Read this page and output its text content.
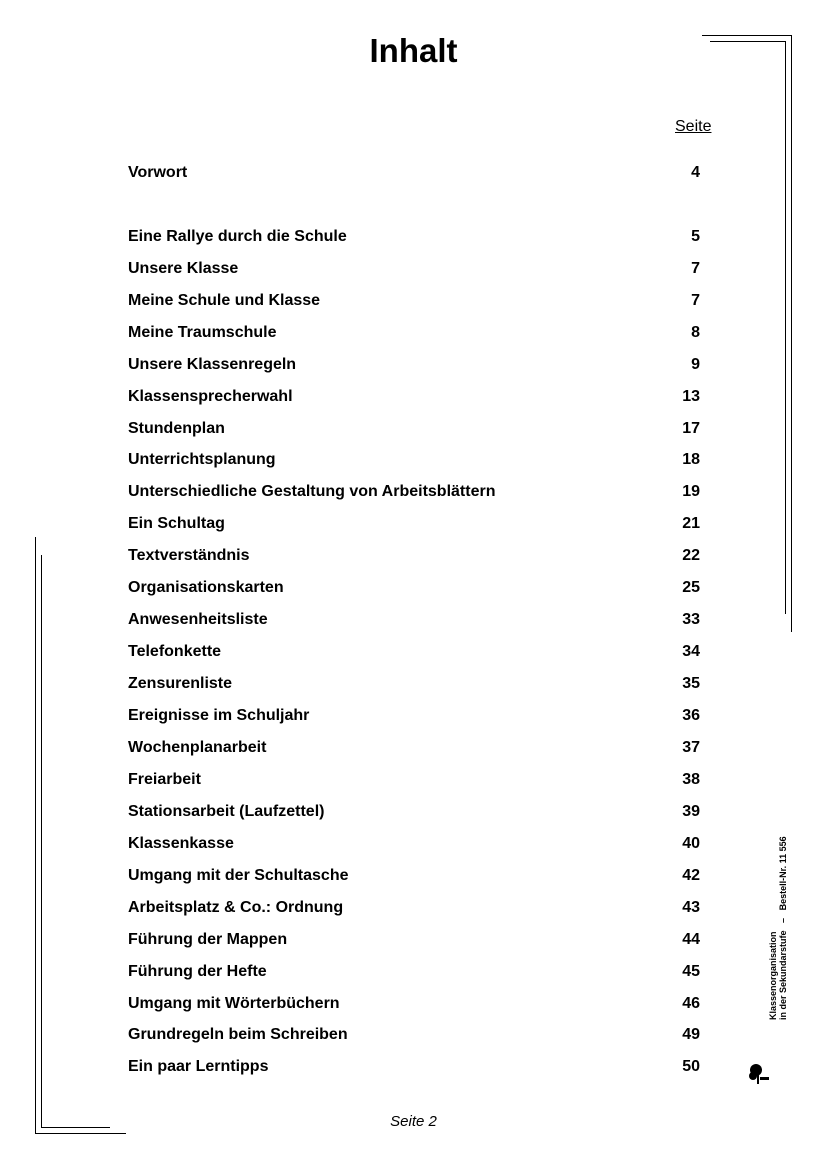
Inhalt
Seite
Vorwort	4
Eine Rallye durch die Schule	5
Unsere Klasse	7
Meine Schule und Klasse	7
Meine Traumschule	8
Unsere Klassenregeln	9
Klassensprecherwahl	13
Stundenplan	17
Unterrichtsplanung	18
Unterschiedliche Gestaltung von Arbeitsblättern	19
Ein Schultag	21
Textverständnis	22
Organisationskarten	25
Anwesenheitsliste	33
Telefonkette	34
Zensurenliste	35
Ereignisse im Schuljahr	36
Wochenplanarbeit	37
Freiarbeit	38
Stationsarbeit (Laufzettel)	39
Klassenkasse	40
Umgang mit der Schultasche	42
Arbeitsplatz & Co.: Ordnung	43
Führung der Mappen	44
Führung der Hefte	45
Umgang mit Wörterbüchern	46
Grundregeln beim Schreiben	49
Ein paar Lerntipps	50
Seite 2
Klassenorganisation in der Sekundarstufe   –   Bestell-Nr. 11 556
